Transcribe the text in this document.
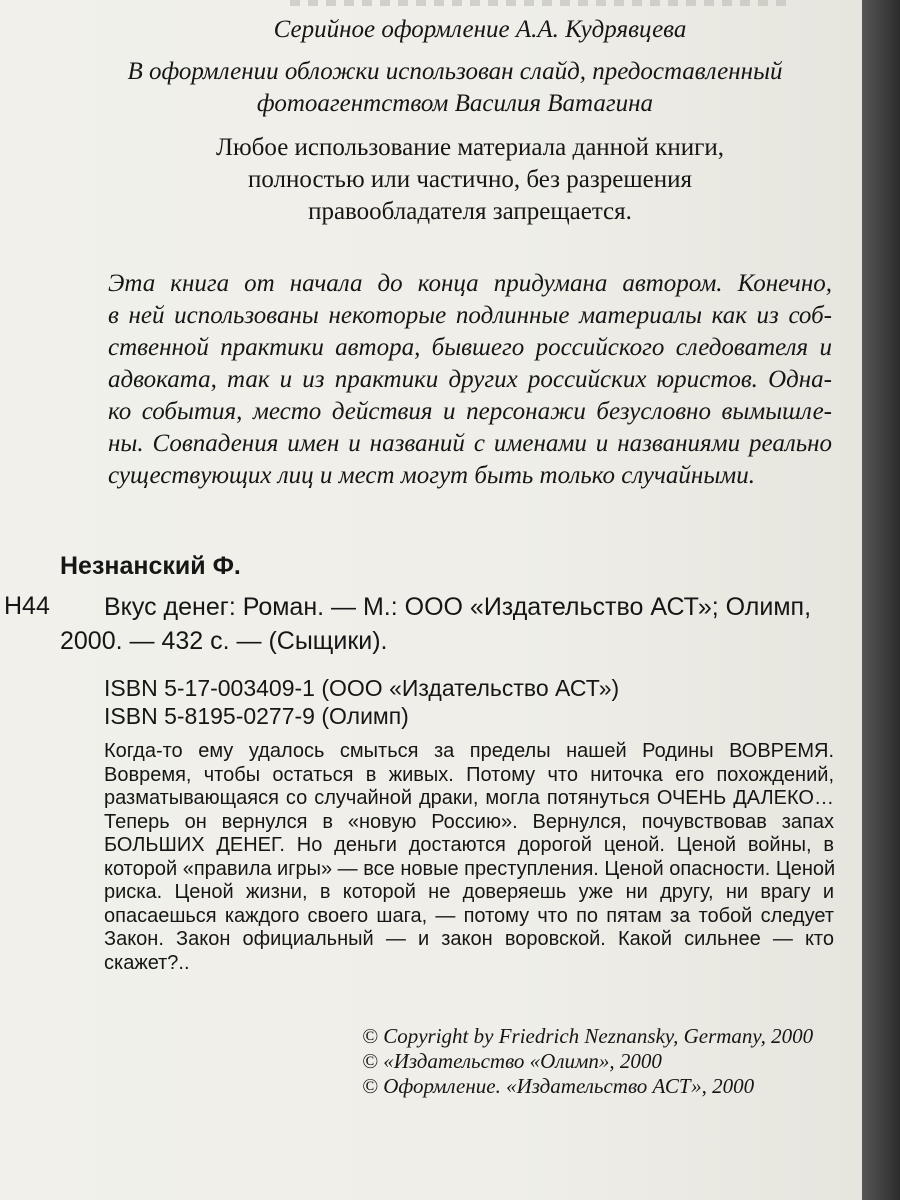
Серийное оформление А.А. Кудрявцева
В оформлении обложки использован слайд, предоставленный
фотоагентством Василия Ватагина
Любое использование материала данной книги,
полностью или частично, без разрешения
правообладателя запрещается.
Эта книга от начала до конца придумана автором. Конечно,
в ней использованы некоторые подлинные материалы как из соб-
ственной практики автора, бывшего российского следователя и
адвоката, так и из практики других российских юристов. Одна-
ко события, место действия и персонажи безусловно вымышле-
ны. Совпадения имен и названий с именами и названиями реально
существующих лиц и мест могут быть только случайными.
Незнанский Ф.
Н44	Вкус денег: Роман. — М.: ООО «Издательство АСТ»; Олимп,
2000. — 432 с. — (Сыщики).
ISBN 5-17-003409-1 (ООО «Издательство АСТ»)
ISBN 5-8195-0277-9 (Олимп)
Когда-то ему удалось смыться за пределы нашей Родины ВОВРЕМЯ.
Вовремя, чтобы остаться в живых. Потому что ниточка его похождений,
разматывающаяся со случайной драки, могла потянуться ОЧЕНЬ ДАЛЕКО…
Теперь он вернулся в «новую Россию». Вернулся, почувствовав запах
БОЛЬШИХ ДЕНЕГ. Но деньги достаются дорогой ценой. Ценой войны, в
которой «правила игры» — все новые преступления. Ценой опасности. Ценой
риска. Ценой жизни, в которой не доверяешь уже ни другу, ни врагу и
опасаешься каждого своего шага, — потому что по пятам за тобой следует
Закон. Закон официальный — и закон воровской. Какой сильнее — кто
скажет?..
© Copyright by Friedrich Neznansky, Germany, 2000
© «Издательство «Олимп», 2000
© Оформление. «Издательство АСТ», 2000
